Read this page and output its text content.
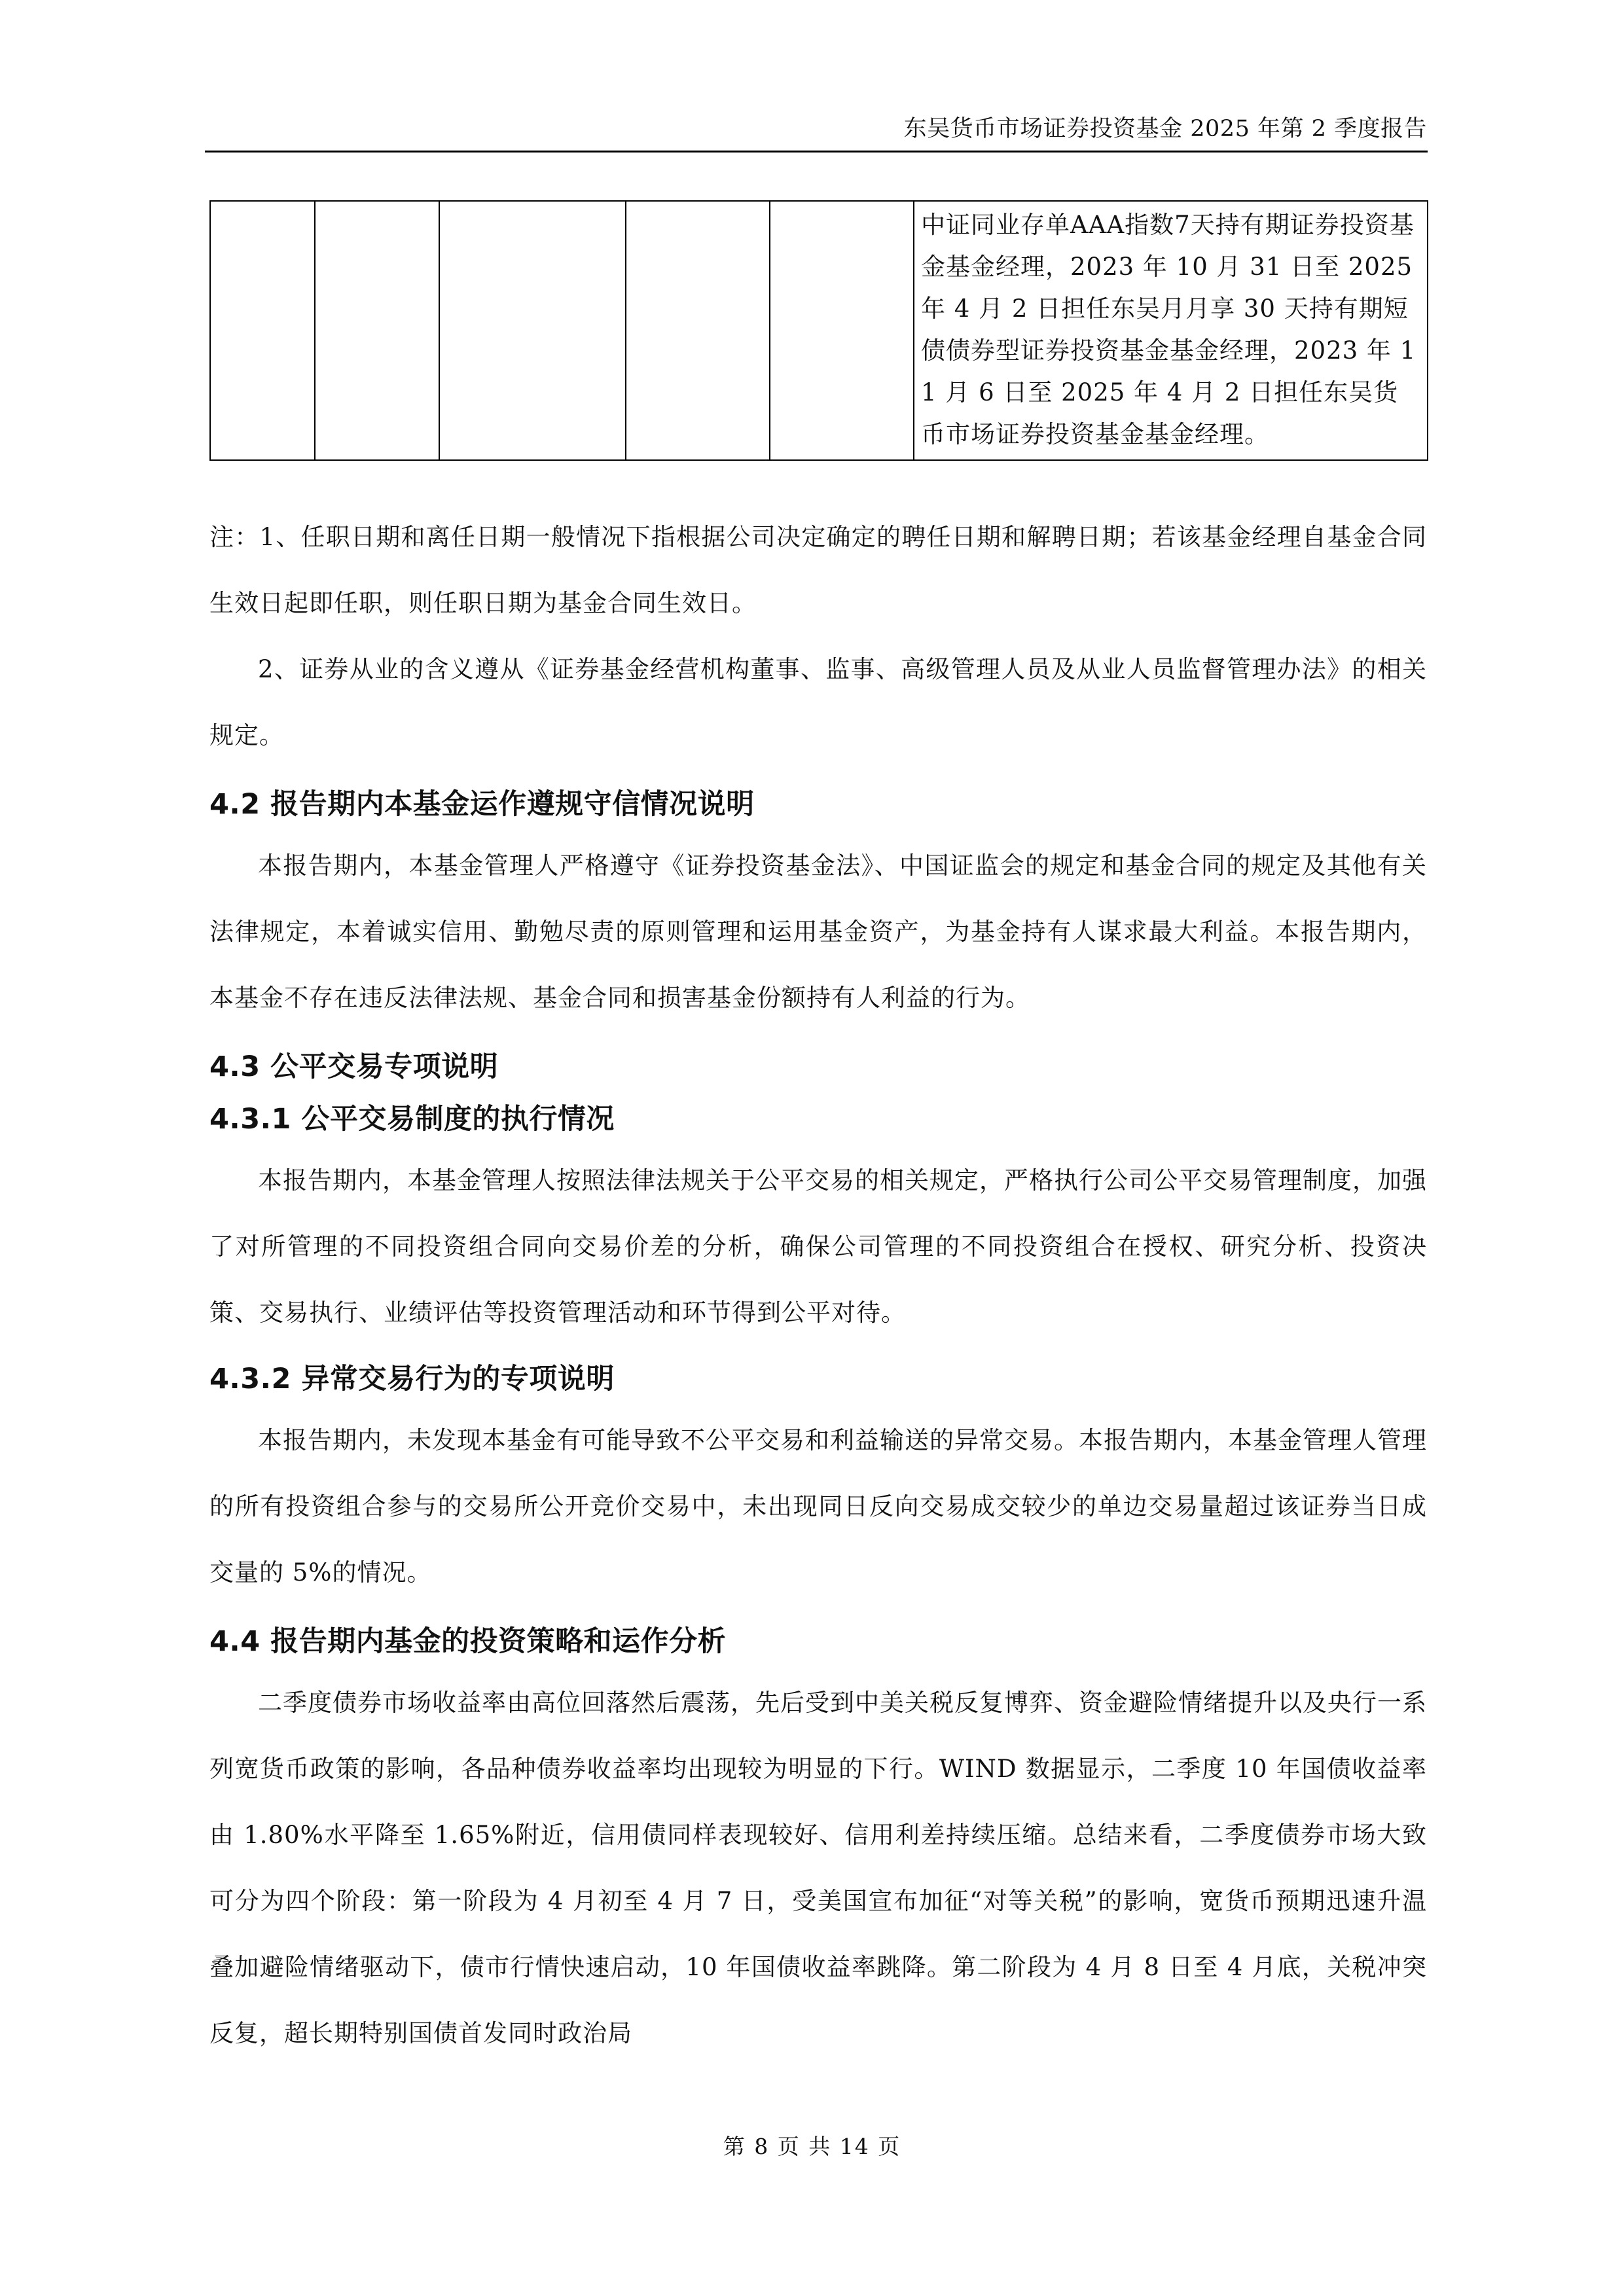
东吴货币市场证券投资基金 2025 年第 2 季度报告
					中证同业存单AAA指数7天持有期证券投资基金基金经理，2023 年 10 月 31 日至 2025 年 4 月 2 日担任东吴月月享 30 天持有期短债债券型证券投资基金基金经理，2023 年 11 月 6 日至 2025 年 4 月 2 日担任东吴货币市场证券投资基金基金经理。

注：1、任职日期和离任日期一般情况下指根据公司决定确定的聘任日期和解聘日期；若该基金经理自基金合同生效日起即任职，则任职日期为基金合同生效日。

2、证券从业的含义遵从《证券基金经营机构董事、监事、高级管理人员及从业人员监督管理办法》的相关规定。

4.2 报告期内本基金运作遵规守信情况说明

本报告期内，本基金管理人严格遵守《证券投资基金法》、中国证监会的规定和基金合同的规定及其他有关法律规定，本着诚实信用、勤勉尽责的原则管理和运用基金资产，为基金持有人谋求最大利益。本报告期内，本基金不存在违反法律法规、基金合同和损害基金份额持有人利益的行为。

4.3 公平交易专项说明
4.3.1 公平交易制度的执行情况

本报告期内，本基金管理人按照法律法规关于公平交易的相关规定，严格执行公司公平交易管理制度，加强了对所管理的不同投资组合同向交易价差的分析，确保公司管理的不同投资组合在授权、研究分析、投资决策、交易执行、业绩评估等投资管理活动和环节得到公平对待。

4.3.2 异常交易行为的专项说明

本报告期内，未发现本基金有可能导致不公平交易和利益输送的异常交易。本报告期内，本基金管理人管理的所有投资组合参与的交易所公开竞价交易中，未出现同日反向交易成交较少的单边交易量超过该证券当日成交量的 5%的情况。

4.4 报告期内基金的投资策略和运作分析

二季度债券市场收益率由高位回落然后震荡，先后受到中美关税反复博弈、资金避险情绪提升以及央行一系列宽货币政策的影响，各品种债券收益率均出现较为明显的下行。WIND 数据显示，二季度 10 年国债收益率由 1.80%水平降至 1.65%附近，信用债同样表现较好、信用利差持续压缩。总结来看，二季度债券市场大致可分为四个阶段：第一阶段为 4 月初至 4 月 7 日，受美国宣布加征“对等关税”的影响，宽货币预期迅速升温叠加避险情绪驱动下，债市行情快速启动，10 年国债收益率跳降。第二阶段为 4 月 8 日至 4 月底，关税冲突反复，超长期特别国债首发同时政治局

第 8 页 共 14 页
